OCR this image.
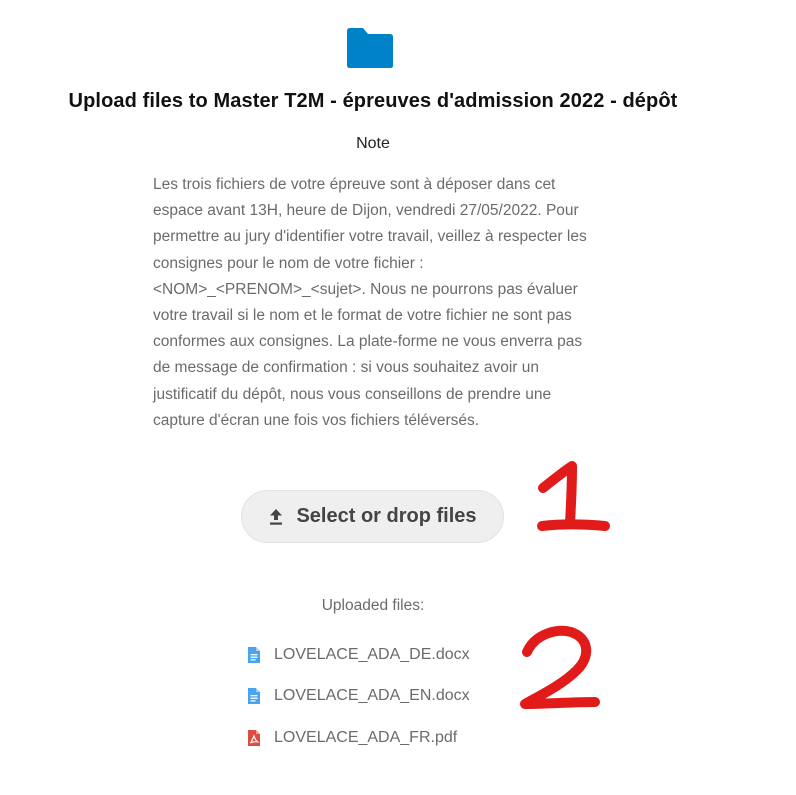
Upload files to Master T2M - épreuves d'admission 2022 - dépôt
Note
Les trois fichiers de votre épreuve sont à déposer dans cet espace avant 13H, heure de Dijon, vendredi 27/05/2022. Pour permettre au jury d'identifier votre travail, veillez à respecter les consignes pour le nom de votre fichier : <NOM>_<PRENOM>_<sujet>. Nous ne pourrons pas évaluer votre travail si le nom et le format de votre fichier ne sont pas conformes aux consignes. La plate-forme ne vous enverra pas de message de confirmation : si vous souhaitez avoir un justificatif du dépôt, nous vous conseillons de prendre une capture d'écran une fois vos fichiers téléversés.
Select or drop files
Uploaded files:
LOVELACE_ADA_DE.docx
LOVELACE_ADA_EN.docx
LOVELACE_ADA_FR.pdf
